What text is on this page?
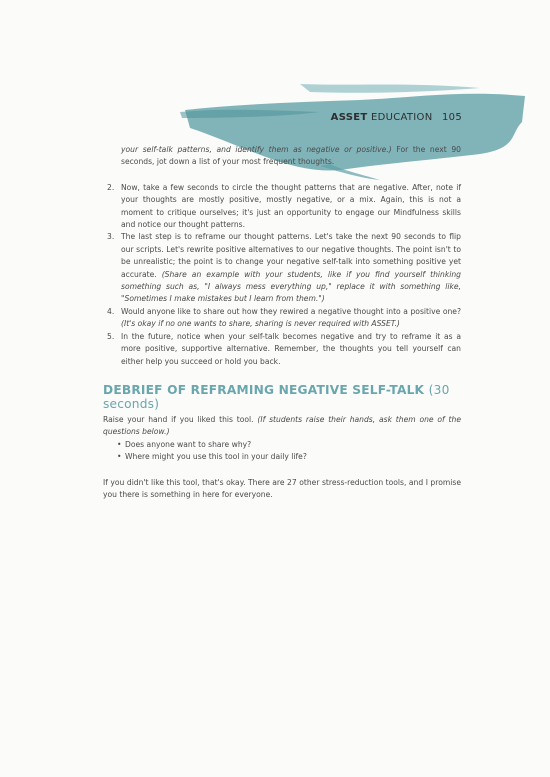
ASSET EDUCATION 105

your self-talk patterns, and identify them as negative or positive.) For the next 90 seconds, jot down a list of your most frequent thoughts.

2. Now, take a few seconds to circle the thought patterns that are negative. After, note if your thoughts are mostly positive, mostly negative, or a mix. Again, this is not a moment to critique ourselves; it's just an opportunity to engage our Mindfulness skills and notice our thought patterns.

3. The last step is to reframe our thought patterns. Let's take the next 90 seconds to flip our scripts. Let's rewrite positive alternatives to our negative thoughts. The point isn't to be unrealistic; the point is to change your negative self-talk into something positive yet accurate. (Share an example with your students, like if you find yourself thinking something such as, "I always mess everything up," replace it with something like, "Sometimes I make mistakes but I learn from them.")

4. Would anyone like to share out how they rewired a negative thought into a positive one? (It's okay if no one wants to share, sharing is never required with ASSET.)

5. In the future, notice when your self-talk becomes negative and try to reframe it as a more positive, supportive alternative. Remember, the thoughts you tell yourself can either help you succeed or hold you back.

DEBRIEF OF REFRAMING NEGATIVE SELF-TALK (30 seconds)

Raise your hand if you liked this tool. (If students raise their hands, ask them one of the questions below.)

• Does anyone want to share why?
• Where might you use this tool in your daily life?

If you didn't like this tool, that's okay. There are 27 other stress-reduction tools, and I promise you there is something in here for everyone.
